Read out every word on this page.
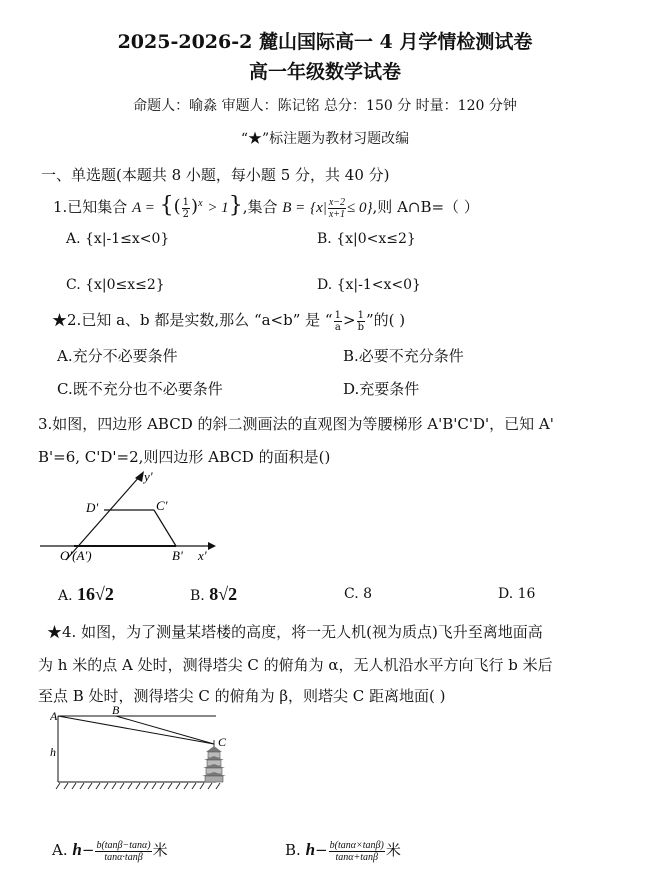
2025-2026-2 麓山国际高一 4 月学情检测试卷
高一年级数学试卷
命题人：喻淼 审题人：陈记铭 总分：150 分 时量：120 分钟
“★”标注题为教材习题改编
一、单选题(本题共 8 小题，每小题 5 分，共 40 分)
1.已知集合 A = {( $\frac{1}{2} )^x > 1$},集合 $B = \{x| \frac{x-2}{x+1} \le 0\}$,则 A∩B=（ ）
A. {x|-1≤x<0}	B. {x|0<x≤2}
C. {x|0≤x≤2}	D. {x|-1<x<0}
★2.已知 a、b 都是实数,那么 “a<b” 是 “ $\frac{1}{a} > \frac{1}{b}$ ”的( )
A.充分不必要条件	B.必要不充分条件
C.既不充分也不必要条件	D.充要条件
3.如图，四边形 ABCD 的斜二测画法的直观图为等腰梯形 A'B'C'D'，已知 A'
B'=6, C'D'=2,则四边形 ABCD 的面积是()
y'
x'
D'	C'
B'
O'(A')
A. 16√2	B. 8√2	C. 8	D. 16
★4. 如图，为了测量某塔楼的高度，将一无人机(视为质点)飞升至离地面高
为 h 米的点 A 处时，测得塔尖 C 的俯角为 α，无人机沿水平方向飞行 b 米后
至点 B 处时，测得塔尖 C 的俯角为 β，则塔尖 C 距离地面( )
A	B
C
h
A. $h- \frac{b(\tan\beta-\tan\alpha)}{\tan\alpha\cdot\tan\beta}$ 米	B. $h- \frac{b(\tan\alpha\times\tan\beta)}{\tan\alpha+\tan\beta}$ 米
